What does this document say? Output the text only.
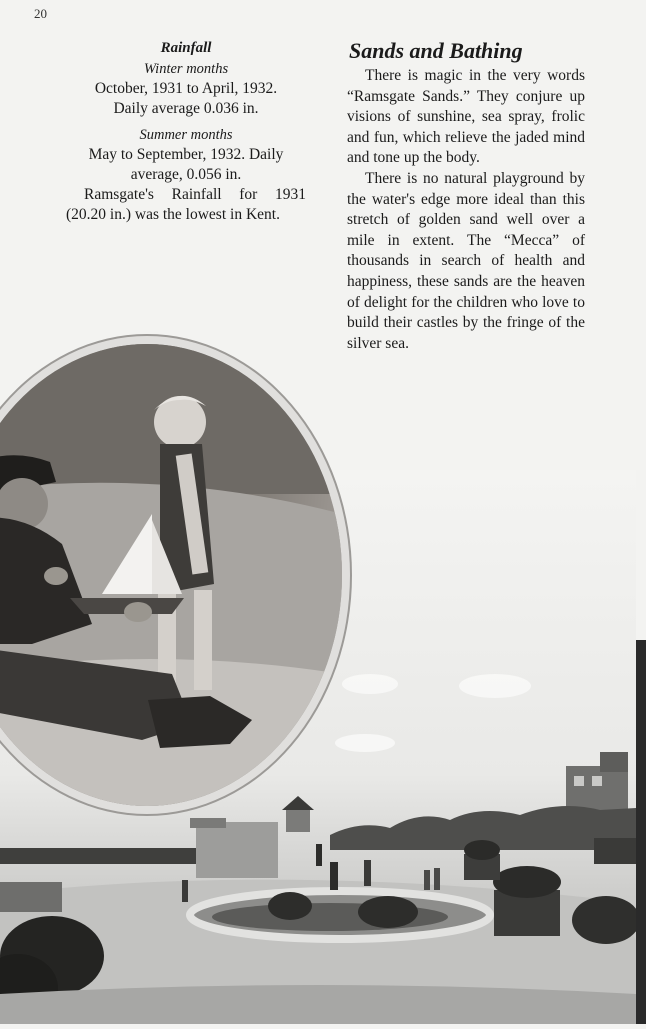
20
Rainfall
Winter months
October, 1931 to April, 1932.
Daily average 0.036 in.
Summer months
May to September, 1932. Daily
average, 0.056 in.
Ramsgate's Rainfall for 1931 (20.20 in.) was the lowest in Kent.
Sands and Bathing

There is magic in the very words “Ramsgate Sands.” They conjure up visions of sunshine, sea spray, frolic and fun, which relieve the jaded mind and tone up the body.

There is no natural playground by the water's edge more ideal than this stretch of golden sand well over a mile in extent. The “Mecca” of thousands in search of health and happiness, these sands are the heaven of delight for the children who love to build their castles by the fringe of the silver sea.
